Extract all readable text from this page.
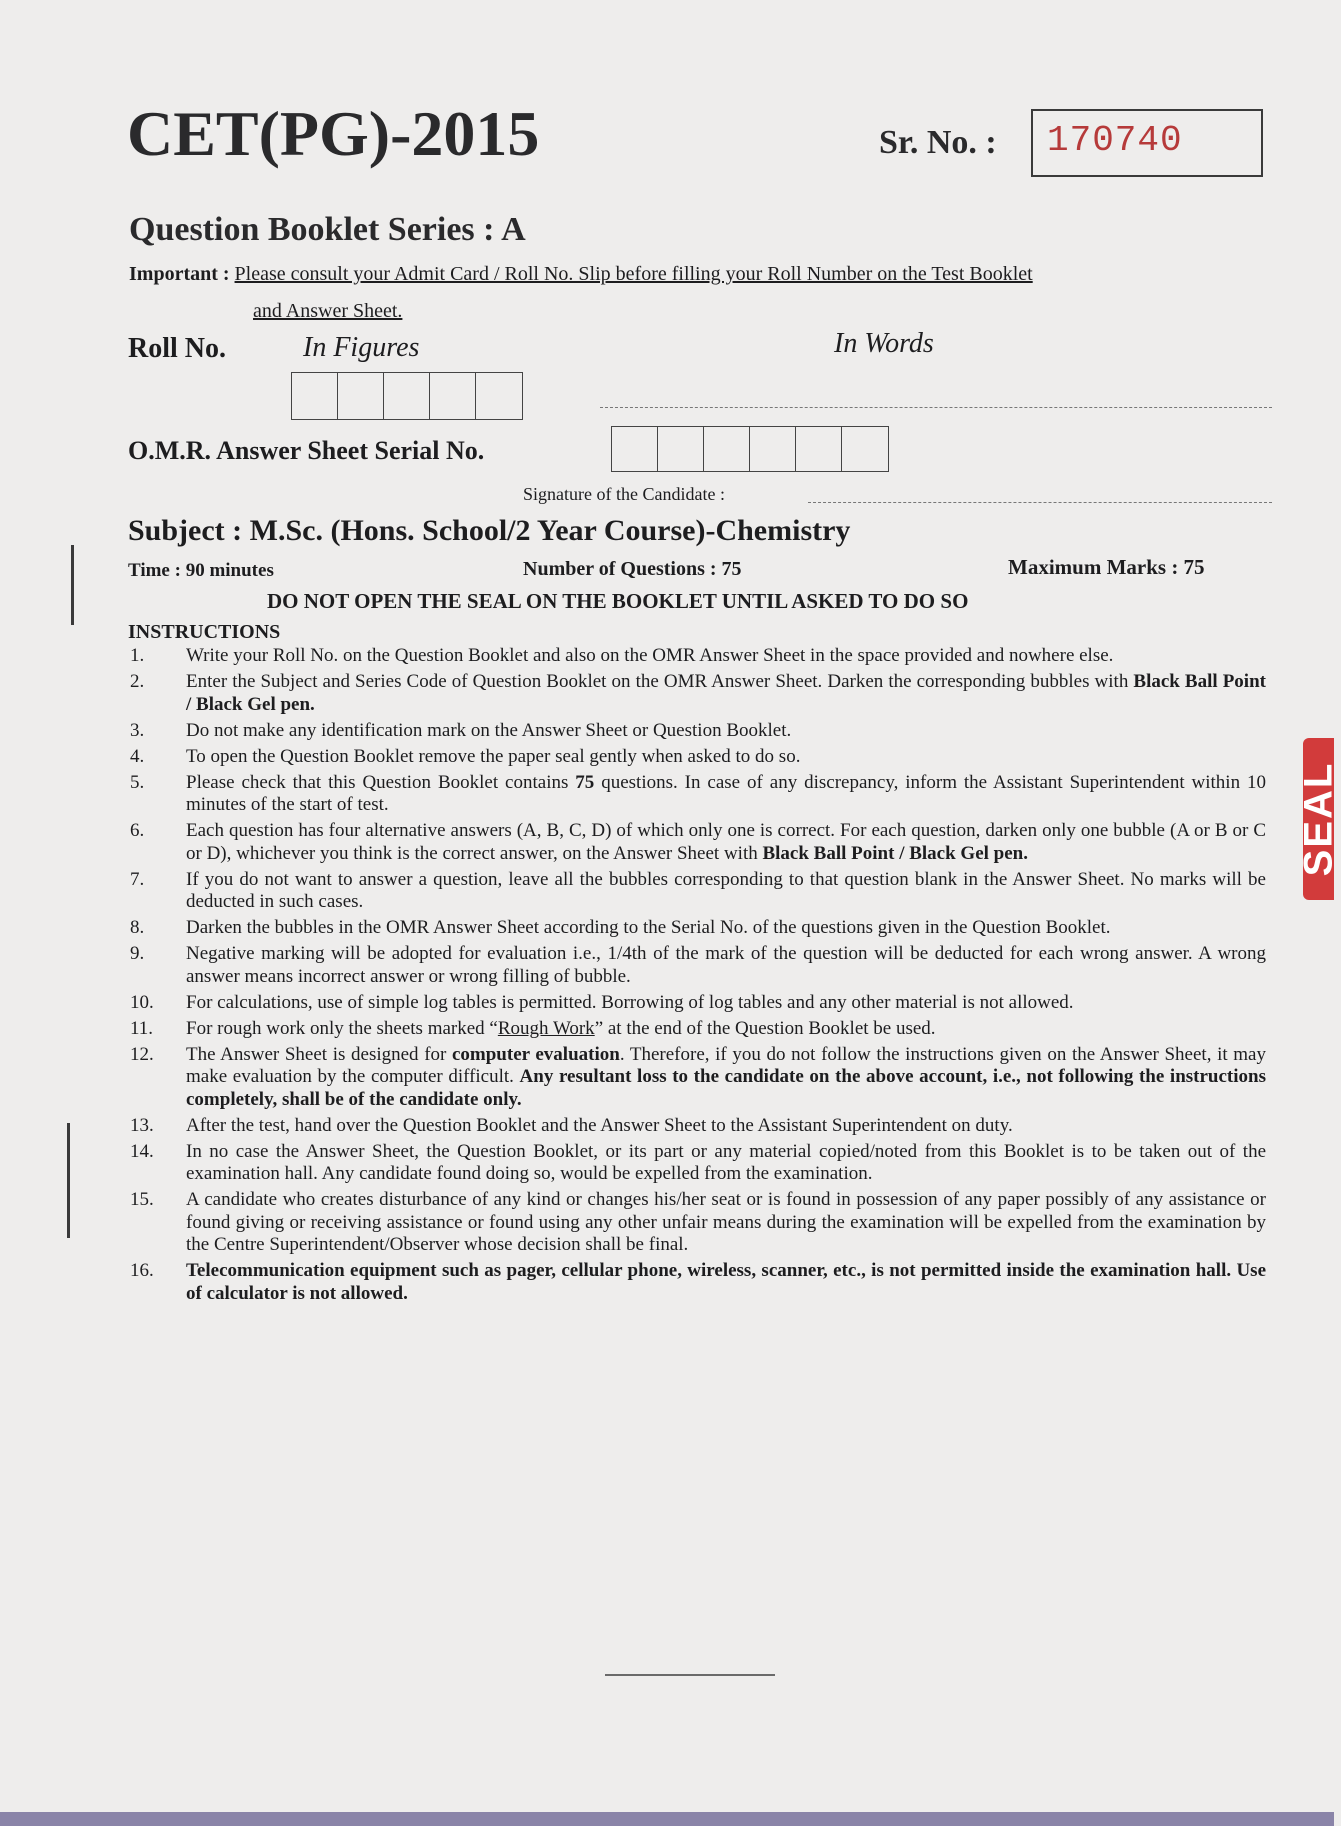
CET(PG)-2015	Sr. No. : 170740
Question Booklet Series : A
Important : Please consult your Admit Card / Roll No. Slip before filling your Roll Number on the Test Booklet
and Answer Sheet.
Roll No.	In Figures	In Words
O.M.R. Answer Sheet Serial No.
Signature of the Candidate :
Subject : M.Sc. (Hons. School/2 Year Course)-Chemistry
Time : 90 minutes	Number of Questions : 75	Maximum Marks : 75
DO NOT OPEN THE SEAL ON THE BOOKLET UNTIL ASKED TO DO SO
INSTRUCTIONS
1.	Write your Roll No. on the Question Booklet and also on the OMR Answer Sheet in the space provided and nowhere else.
2.	Enter the Subject and Series Code of Question Booklet on the OMR Answer Sheet. Darken the corresponding bubbles with Black Ball Point / Black Gel pen.
3.	Do not make any identification mark on the Answer Sheet or Question Booklet.
4.	To open the Question Booklet remove the paper seal gently when asked to do so.
5.	Please check that this Question Booklet contains 75 questions. In case of any discrepancy, inform the Assistant Superintendent within 10 minutes of the start of test.
6.	Each question has four alternative answers (A, B, C, D) of which only one is correct. For each question, darken only one bubble (A or B or C or D), whichever you think is the correct answer, on the Answer Sheet with Black Ball Point / Black Gel pen.
7.	If you do not want to answer a question, leave all the bubbles corresponding to that question blank in the Answer Sheet. No marks will be deducted in such cases.
8.	Darken the bubbles in the OMR Answer Sheet according to the Serial No. of the questions given in the Question Booklet.
9.	Negative marking will be adopted for evaluation i.e., 1/4th of the mark of the question will be deducted for each wrong answer. A wrong answer means incorrect answer or wrong filling of bubble.
10.	For calculations, use of simple log tables is permitted. Borrowing of log tables and any other material is not allowed.
11.	For rough work only the sheets marked “Rough Work” at the end of the Question Booklet be used.
12.	The Answer Sheet is designed for computer evaluation. Therefore, if you do not follow the instructions given on the Answer Sheet, it may make evaluation by the computer difficult. Any resultant loss to the candidate on the above account, i.e., not following the instructions completely, shall be of the candidate only.
13.	After the test, hand over the Question Booklet and the Answer Sheet to the Assistant Superintendent on duty.
14.	In no case the Answer Sheet, the Question Booklet, or its part or any material copied/noted from this Booklet is to be taken out of the examination hall. Any candidate found doing so, would be expelled from the examination.
15.	A candidate who creates disturbance of any kind or changes his/her seat or is found in possession of any paper possibly of any assistance or found giving or receiving assistance or found using any other unfair means during the examination will be expelled from the examination by the Centre Superintendent/Observer whose decision shall be final.
16.	Telecommunication equipment such as pager, cellular phone, wireless, scanner, etc., is not permitted inside the examination hall. Use of calculator is not allowed.
SEAL
